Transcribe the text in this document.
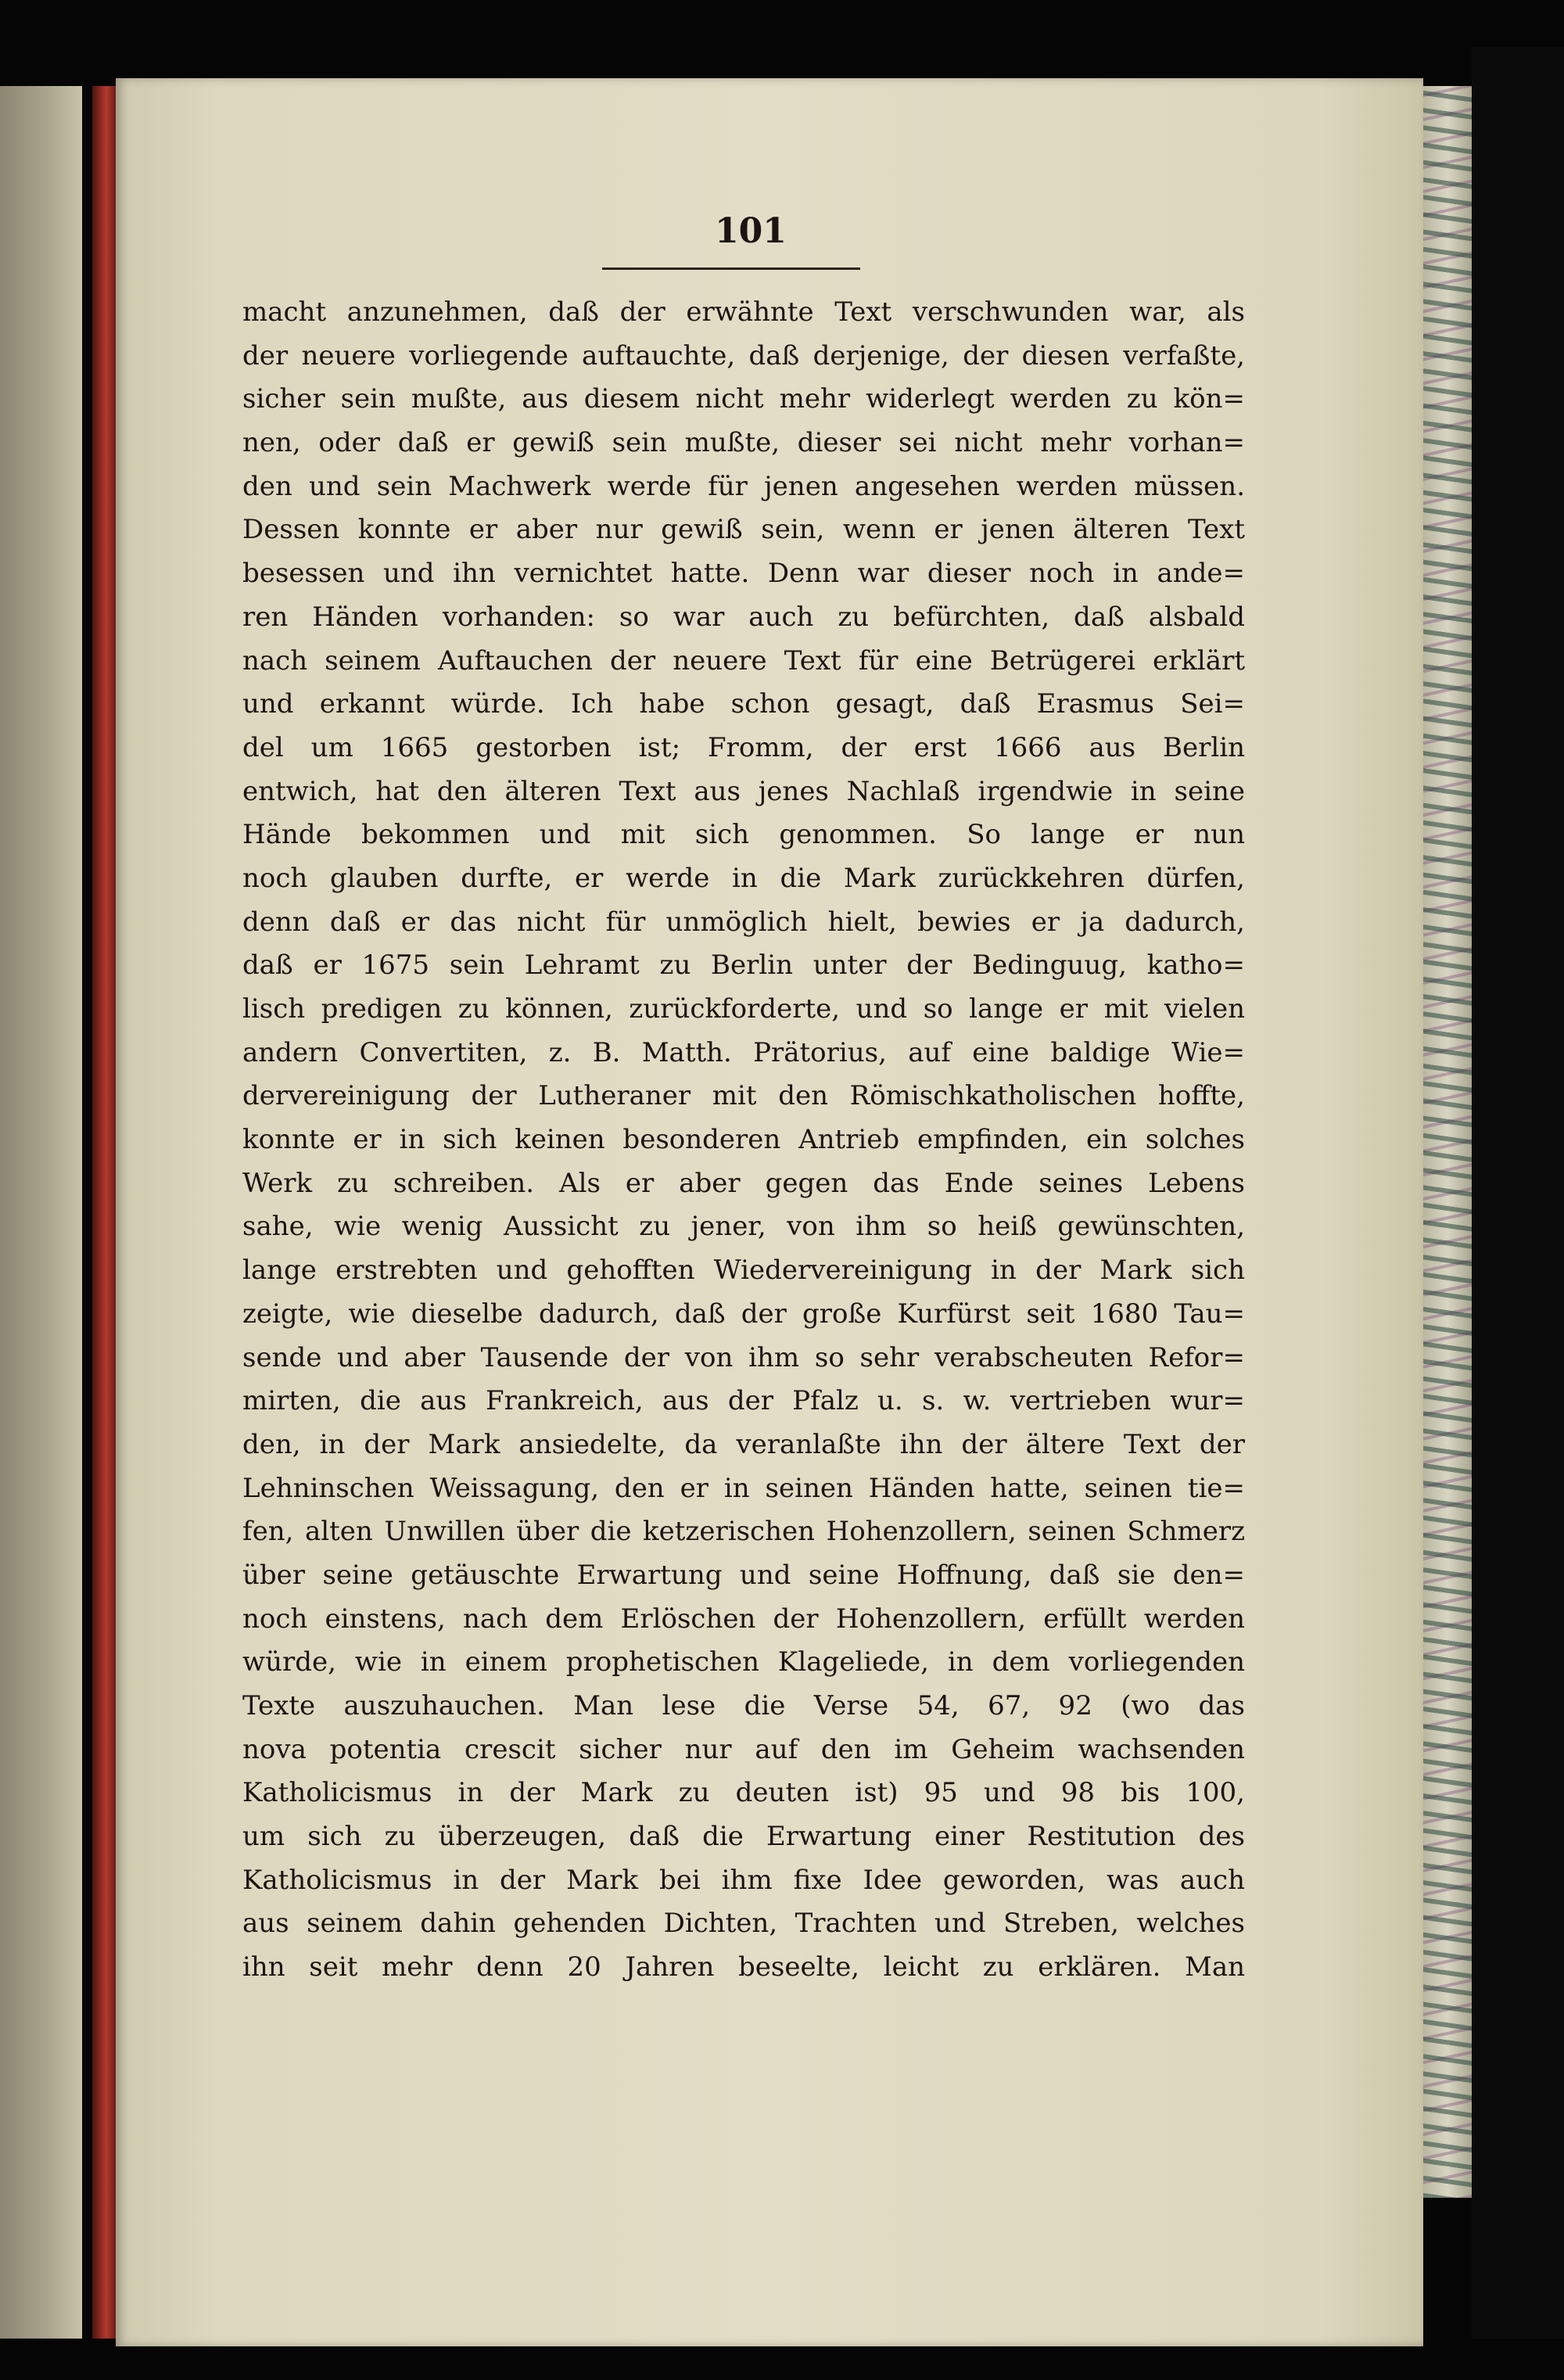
101
macht anzunehmen, daß der erwähnte Text verschwunden war, als
der neuere vorliegende auftauchte, daß derjenige, der diesen verfaßte,
sicher sein mußte, aus diesem nicht mehr widerlegt werden zu kön=
nen, oder daß er gewiß sein mußte, dieser sei nicht mehr vorhan=
den und sein Machwerk werde für jenen angesehen werden müssen.
Dessen konnte er aber nur gewiß sein, wenn er jenen älteren Text
besessen und ihn vernichtet hatte. Denn war dieser noch in ande=
ren Händen vorhanden: so war auch zu befürchten, daß alsbald
nach seinem Auftauchen der neuere Text für eine Betrügerei erklärt
und erkannt würde. Ich habe schon gesagt, daß Erasmus Sei=
del um 1665 gestorben ist; Fromm, der erst 1666 aus Berlin
entwich, hat den älteren Text aus jenes Nachlaß irgendwie in seine
Hände bekommen und mit sich genommen. So lange er nun
noch glauben durfte, er werde in die Mark zurückkehren dürfen,
denn daß er das nicht für unmöglich hielt, bewies er ja dadurch,
daß er 1675 sein Lehramt zu Berlin unter der Bedinguug, katho=
lisch predigen zu können, zurückforderte, und so lange er mit vielen
andern Convertiten, z. B. Matth. Prätorius, auf eine baldige Wie=
dervereinigung der Lutheraner mit den Römischkatholischen hoffte,
konnte er in sich keinen besonderen Antrieb empfinden, ein solches
Werk zu schreiben. Als er aber gegen das Ende seines Lebens
sahe, wie wenig Aussicht zu jener, von ihm so heiß gewünschten,
lange erstrebten und gehofften Wiedervereinigung in der Mark sich
zeigte, wie dieselbe dadurch, daß der große Kurfürst seit 1680 Tau=
sende und aber Tausende der von ihm so sehr verabscheuten Refor=
mirten, die aus Frankreich, aus der Pfalz u. s. w. vertrieben wur=
den, in der Mark ansiedelte, da veranlaßte ihn der ältere Text der
Lehninschen Weissagung, den er in seinen Händen hatte, seinen tie=
fen, alten Unwillen über die ketzerischen Hohenzollern, seinen Schmerz
über seine getäuschte Erwartung und seine Hoffnung, daß sie den=
noch einstens, nach dem Erlöschen der Hohenzollern, erfüllt werden
würde, wie in einem prophetischen Klageliede, in dem vorliegenden
Texte auszuhauchen. Man lese die Verse 54, 67, 92 (wo das
nova potentia crescit sicher nur auf den im Geheim wachsenden
Katholicismus in der Mark zu deuten ist) 95 und 98 bis 100,
um sich zu überzeugen, daß die Erwartung einer Restitution des
Katholicismus in der Mark bei ihm fixe Idee geworden, was auch
aus seinem dahin gehenden Dichten, Trachten und Streben, welches
ihn seit mehr denn 20 Jahren beseelte, leicht zu erklären. Man
